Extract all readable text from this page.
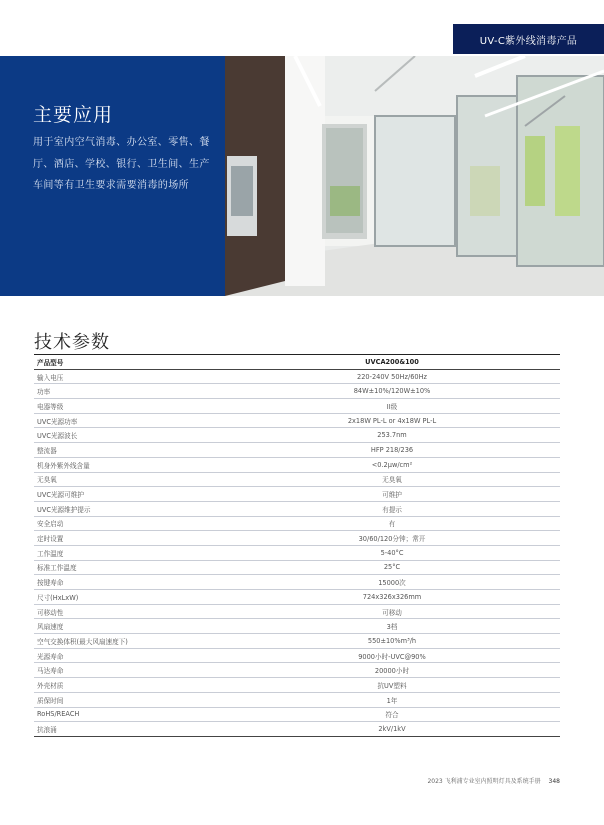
UV-C紫外线消毒产品
主要应用
用于室内空气消毒、办公室、零售、餐
厅、酒店、学校、银行、卫生间、生产
车间等有卫生要求需要消毒的场所
技术参数
产品型号	UVCA200&100
输入电压	220-240V 50Hz/60Hz
功率	84W±10%/120W±10%
电器等级	II级
UVC光源功率	2x18W PL-L or 4x18W PL-L
UVC光源波长	253.7nm
整流器	HFP 218/236
机身外紫外线含量	<0.2μw/cm²
无臭氧	无臭氧
UVC光源可维护	可维护
UVC光源维护提示	有提示
安全启动	有
定时设置	30/60/120分钟；常开
工作温度	5-40°C
标准工作温度	25°C
按键寿命	15000次
尺寸(HxLxW)	724x326x326mm
可移动性	可移动
风扇速度	3档
空气交换体积(最大风扇速度下)	550±10%m³/h
光源寿命	9000小时-UVC@90%
马达寿命	20000小时
外壳材质	抗UV塑料
质保时间	1年
RoHS/REACH	符合
抗浪涌	2kV/1kV
2023 飞利浦专业室内照明灯具及系统手册 348
